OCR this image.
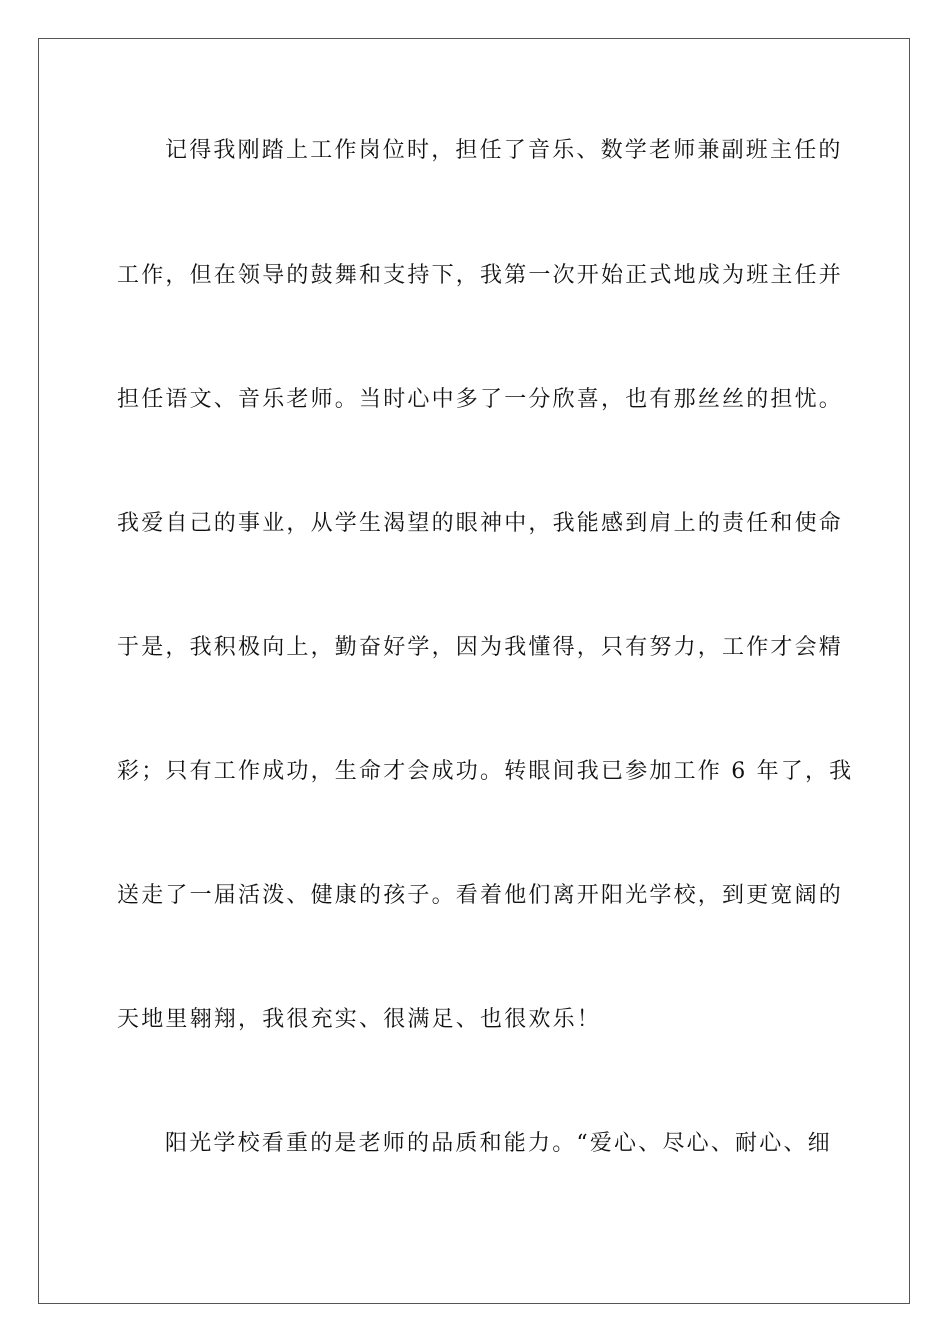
记得我刚踏上工作岗位时，担任了音乐、数学老师兼副班主任的
工作，但在领导的鼓舞和支持下，我第一次开始正式地成为班主任并
担任语文、音乐老师。当时心中多了一分欣喜，也有那丝丝的担忧。
我爱自己的事业，从学生渴望的眼神中，我能感到肩上的责任和使命
于是，我积极向上，勤奋好学，因为我懂得，只有努力，工作才会精
彩；只有工作成功，生命才会成功。转眼间我已参加工作 6 年了，我
送走了一届活泼、健康的孩子。看着他们离开阳光学校，到更宽阔的
天地里翱翔，我很充实、很满足、也很欢乐！
阳光学校看重的是老师的品质和能力。“爱心、尽心、耐心、细
